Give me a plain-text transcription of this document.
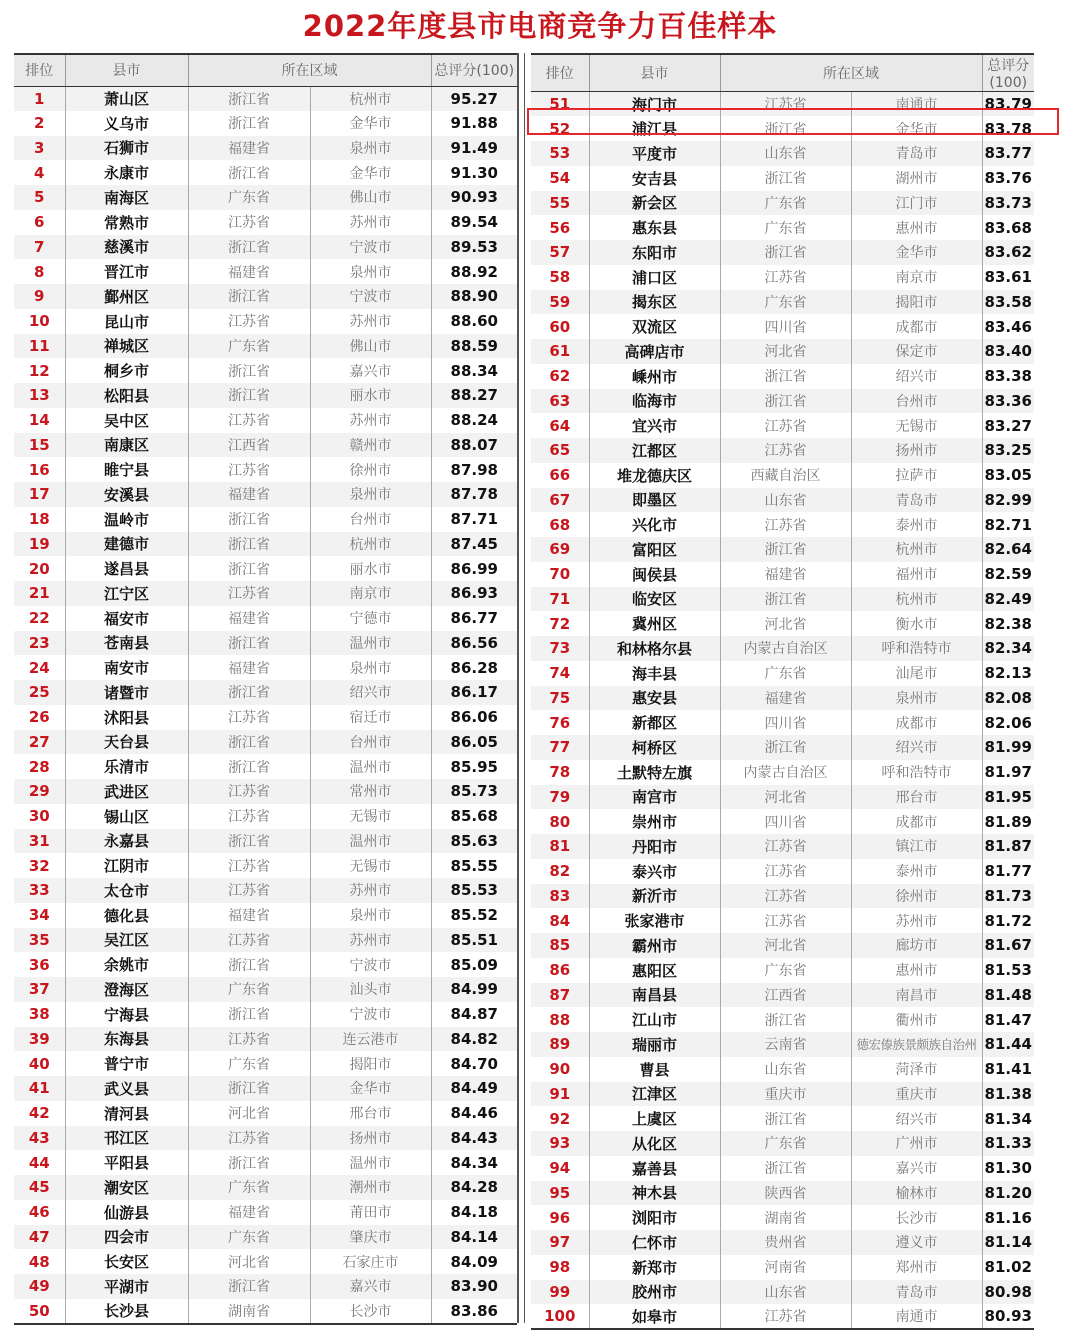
2022年度县市电商竞争力百佳样本
排位	县市	所在区域		总评分(100)
1	萧山区	浙江省	杭州市	95.27
2	义乌市	浙江省	金华市	91.88
3	石狮市	福建省	泉州市	91.49
4	永康市	浙江省	金华市	91.30
5	南海区	广东省	佛山市	90.93
6	常熟市	江苏省	苏州市	89.54
7	慈溪市	浙江省	宁波市	89.53
8	晋江市	福建省	泉州市	88.92
9	鄞州区	浙江省	宁波市	88.90
10	昆山市	江苏省	苏州市	88.60
11	禅城区	广东省	佛山市	88.59
12	桐乡市	浙江省	嘉兴市	88.34
13	松阳县	浙江省	丽水市	88.27
14	吴中区	江苏省	苏州市	88.24
15	南康区	江西省	赣州市	88.07
16	睢宁县	江苏省	徐州市	87.98
17	安溪县	福建省	泉州市	87.78
18	温岭市	浙江省	台州市	87.71
19	建德市	浙江省	杭州市	87.45
20	遂昌县	浙江省	丽水市	86.99
21	江宁区	江苏省	南京市	86.93
22	福安市	福建省	宁德市	86.77
23	苍南县	浙江省	温州市	86.56
24	南安市	福建省	泉州市	86.28
25	诸暨市	浙江省	绍兴市	86.17
26	沭阳县	江苏省	宿迁市	86.06
27	天台县	浙江省	台州市	86.05
28	乐清市	浙江省	温州市	85.95
29	武进区	江苏省	常州市	85.73
30	锡山区	江苏省	无锡市	85.68
31	永嘉县	浙江省	温州市	85.63
32	江阴市	江苏省	无锡市	85.55
33	太仓市	江苏省	苏州市	85.53
34	德化县	福建省	泉州市	85.52
35	吴江区	江苏省	苏州市	85.51
36	余姚市	浙江省	宁波市	85.09
37	澄海区	广东省	汕头市	84.99
38	宁海县	浙江省	宁波市	84.87
39	东海县	江苏省	连云港市	84.82
40	普宁市	广东省	揭阳市	84.70
41	武义县	浙江省	金华市	84.49
42	清河县	河北省	邢台市	84.46
43	邗江区	江苏省	扬州市	84.43
44	平阳县	浙江省	温州市	84.34
45	潮安区	广东省	潮州市	84.28
46	仙游县	福建省	莆田市	84.18
47	四会市	广东省	肇庆市	84.14
48	长安区	河北省	石家庄市	84.09
49	平湖市	浙江省	嘉兴市	83.90
50	长沙县	湖南省	长沙市	83.86
排位	县市	所在区域		总评分(100)
51	海门市	江苏省	南通市	83.79
52	浦江县	浙江省	金华市	83.78
53	平度市	山东省	青岛市	83.77
54	安吉县	浙江省	湖州市	83.76
55	新会区	广东省	江门市	83.73
56	惠东县	广东省	惠州市	83.68
57	东阳市	浙江省	金华市	83.62
58	浦口区	江苏省	南京市	83.61
59	揭东区	广东省	揭阳市	83.58
60	双流区	四川省	成都市	83.46
61	高碑店市	河北省	保定市	83.40
62	嵊州市	浙江省	绍兴市	83.38
63	临海市	浙江省	台州市	83.36
64	宜兴市	江苏省	无锡市	83.27
65	江都区	江苏省	扬州市	83.25
66	堆龙德庆区	西藏自治区	拉萨市	83.05
67	即墨区	山东省	青岛市	82.99
68	兴化市	江苏省	泰州市	82.71
69	富阳区	浙江省	杭州市	82.64
70	闽侯县	福建省	福州市	82.59
71	临安区	浙江省	杭州市	82.49
72	冀州区	河北省	衡水市	82.38
73	和林格尔县	内蒙古自治区	呼和浩特市	82.34
74	海丰县	广东省	汕尾市	82.13
75	惠安县	福建省	泉州市	82.08
76	新都区	四川省	成都市	82.06
77	柯桥区	浙江省	绍兴市	81.99
78	土默特左旗	内蒙古自治区	呼和浩特市	81.97
79	南宫市	河北省	邢台市	81.95
80	崇州市	四川省	成都市	81.89
81	丹阳市	江苏省	镇江市	81.87
82	泰兴市	江苏省	泰州市	81.77
83	新沂市	江苏省	徐州市	81.73
84	张家港市	江苏省	苏州市	81.72
85	霸州市	河北省	廊坊市	81.67
86	惠阳区	广东省	惠州市	81.53
87	南昌县	江西省	南昌市	81.48
88	江山市	浙江省	衢州市	81.47
89	瑞丽市	云南省	德宏傣族景颇族自治州	81.44
90	曹县	山东省	菏泽市	81.41
91	江津区	重庆市	重庆市	81.38
92	上虞区	浙江省	绍兴市	81.34
93	从化区	广东省	广州市	81.33
94	嘉善县	浙江省	嘉兴市	81.30
95	神木县	陕西省	榆林市	81.20
96	浏阳市	湖南省	长沙市	81.16
97	仁怀市	贵州省	遵义市	81.14
98	新郑市	河南省	郑州市	81.02
99	胶州市	山东省	青岛市	80.98
100	如皋市	江苏省	南通市	80.93
